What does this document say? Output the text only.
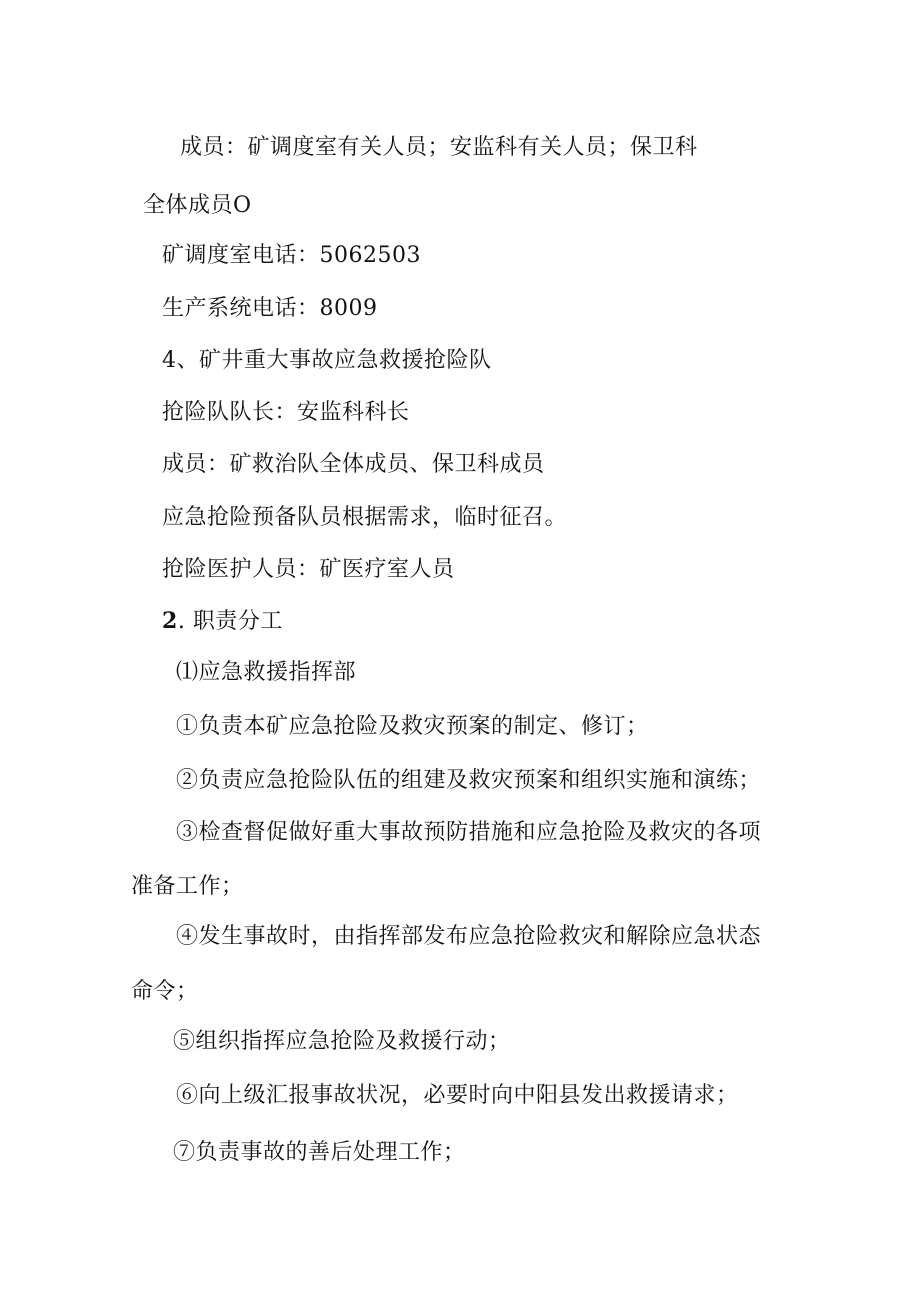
成员：矿调度室有关人员；安监科有关人员；保卫科
全体成员O
矿调度室电话：5062503
生产系统电话：8009
4、矿井重大事故应急救援抢险队
抢险队队长：安监科科长
成员：矿救治队全体成员、保卫科成员
应急抢险预备队员根据需求，临时征召。
抢险医护人员：矿医疗室人员
2. 职责分工
⑴应急救援指挥部
①负责本矿应急抢险及救灾预案的制定、修订；
②负责应急抢险队伍的组建及救灾预案和组织实施和演练；
③检查督促做好重大事故预防措施和应急抢险及救灾的各项
准备工作；
④发生事故时，由指挥部发布应急抢险救灾和解除应急状态
命令；
⑤组织指挥应急抢险及救援行动；
⑥向上级汇报事故状况，必要时向中阳县发出救援请求；
⑦负责事故的善后处理工作；
